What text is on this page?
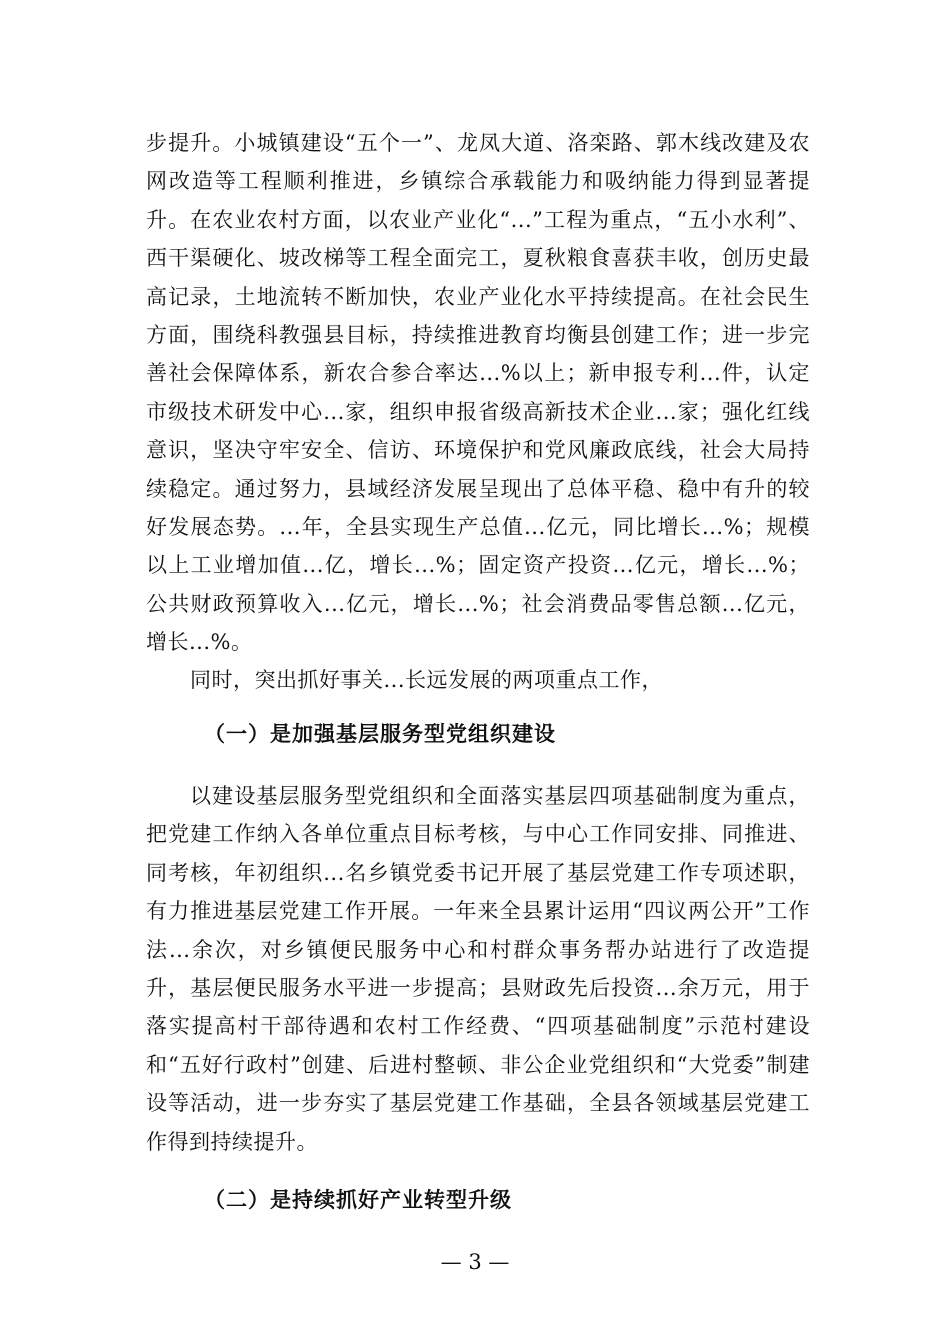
步提升。小城镇建设“五个一”、龙凤大道、洛栾路、郭木线改建及农网改造等工程顺利推进，乡镇综合承载能力和吸纳能力得到显著提升。在农业农村方面，以农业产业化“...”工程为重点，“五小水利”、西干渠硬化、坡改梯等工程全面完工，夏秋粮食喜获丰收，创历史最高记录，土地流转不断加快，农业产业化水平持续提高。在社会民生方面，围绕科教强县目标，持续推进教育均衡县创建工作；进一步完善社会保障体系，新农合参合率达...%以上；新申报专利...件，认定市级技术研发中心...家，组织申报省级高新技术企业...家；强化红线意识，坚决守牢安全、信访、环境保护和党风廉政底线，社会大局持续稳定。通过努力，县域经济发展呈现出了总体平稳、稳中有升的较好发展态势。...年，全县实现生产总值...亿元，同比增长...%；规模以上工业增加值...亿，增长...%；固定资产投资...亿元，增长...%；公共财政预算收入...亿元，增长...%；社会消费品零售总额...亿元，增长...%。

同时，突出抓好事关...长远发展的两项重点工作，

（一）是加强基层服务型党组织建设

以建设基层服务型党组织和全面落实基层四项基础制度为重点，把党建工作纳入各单位重点目标考核，与中心工作同安排、同推进、同考核，年初组织...名乡镇党委书记开展了基层党建工作专项述职，有力推进基层党建工作开展。一年来全县累计运用“四议两公开”工作法...余次，对乡镇便民服务中心和村群众事务帮办站进行了改造提升，基层便民服务水平进一步提高；县财政先后投资...余万元，用于落实提高村干部待遇和农村工作经费、“四项基础制度”示范村建设和“五好行政村”创建、后进村整顿、非公企业党组织和“大党委”制建设等活动，进一步夯实了基层党建工作基础，全县各领域基层党建工作得到持续提升。

（二）是持续抓好产业转型升级
— 3 —
